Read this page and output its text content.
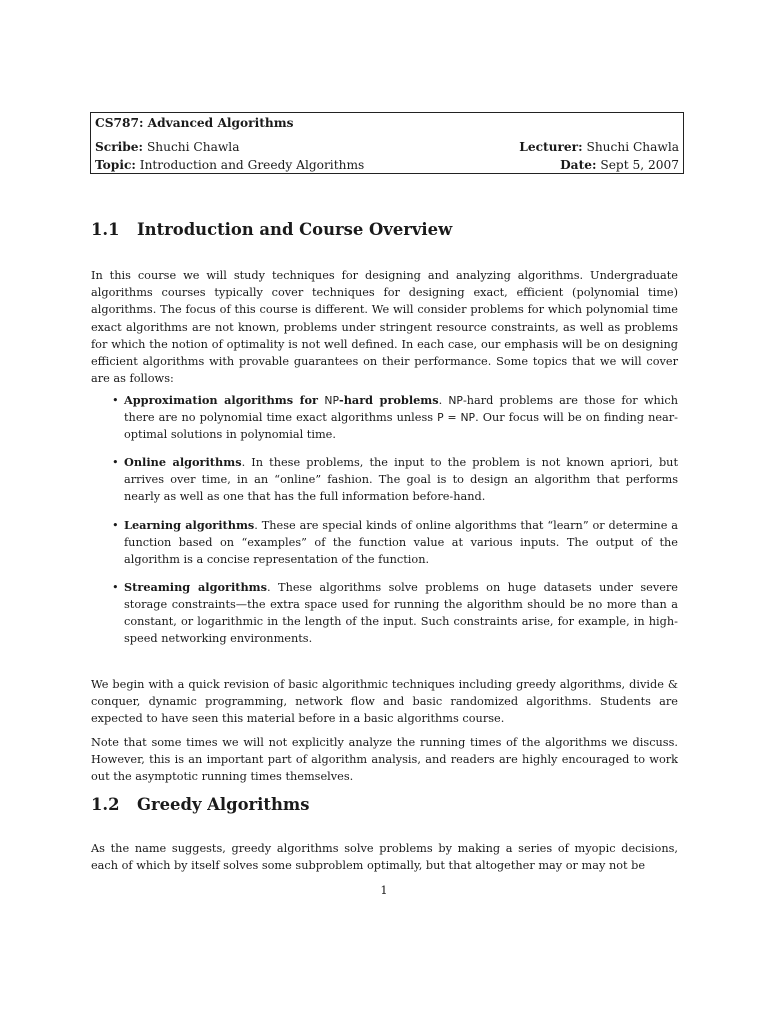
CS787: Advanced Algorithms
Scribe: Shuchi Chawla	Lecturer: Shuchi Chawla
Topic: Introduction and Greedy Algorithms	Date: Sept 5, 2007
1.1 Introduction and Course Overview

In this course we will study techniques for designing and analyzing algorithms. Undergraduate algorithms courses typically cover techniques for designing exact, efficient (polynomial time) algorithms. The focus of this course is different. We will consider problems for which polynomial time exact algorithms are not known, problems under stringent resource constraints, as well as problems for which the notion of optimality is not well defined. In each case, our emphasis will be on designing efficient algorithms with provable guarantees on their performance. Some topics that we will cover are as follows:

• Approximation algorithms for NP-hard problems. NP-hard problems are those for which there are no polynomial time exact algorithms unless P = NP. Our focus will be on finding near-optimal solutions in polynomial time.
• Online algorithms. In these problems, the input to the problem is not known apriori, but arrives over time, in an “online” fashion. The goal is to design an algorithm that performs nearly as well as one that has the full information before-hand.
• Learning algorithms. These are special kinds of online algorithms that “learn” or determine a function based on “examples” of the function value at various inputs. The output of the algorithm is a concise representation of the function.
• Streaming algorithms. These algorithms solve problems on huge datasets under severe storage constraints—the extra space used for running the algorithm should be no more than a constant, or logarithmic in the length of the input. Such constraints arise, for example, in high-speed networking environments.

We begin with a quick revision of basic algorithmic techniques including greedy algorithms, divide & conquer, dynamic programming, network flow and basic randomized algorithms. Students are expected to have seen this material before in a basic algorithms course.

Note that some times we will not explicitly analyze the running times of the algorithms we discuss. However, this is an important part of algorithm analysis, and readers are highly encouraged to work out the asymptotic running times themselves.

1.2 Greedy Algorithms

As the name suggests, greedy algorithms solve problems by making a series of myopic decisions, each of which by itself solves some subproblem optimally, but that altogether may or may not be

1
